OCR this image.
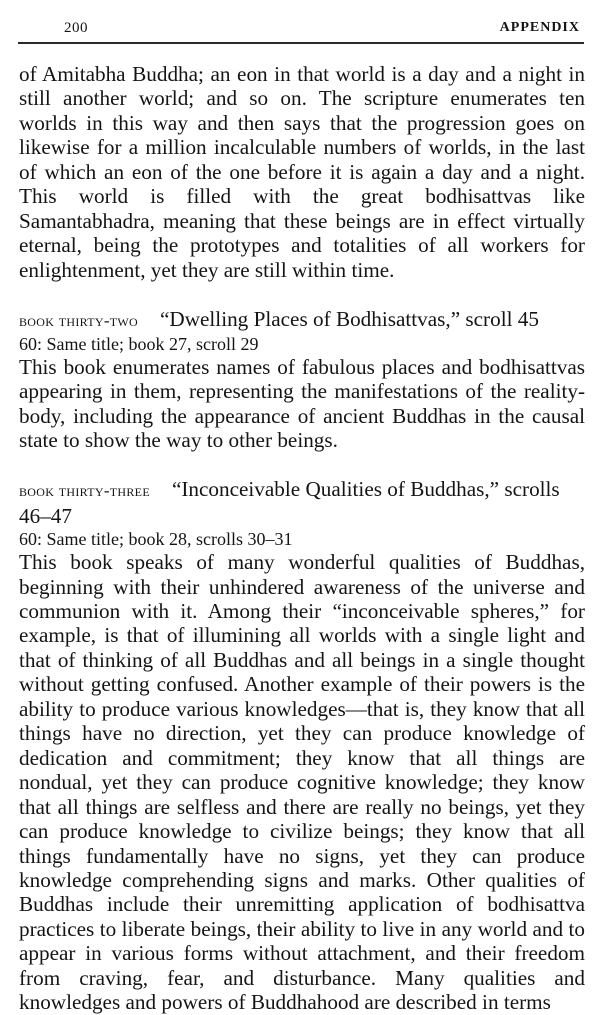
200	APPENDIX

of Amitabha Buddha; an eon in that world is a day and a night in still another world; and so on. The scripture enumerates ten worlds in this way and then says that the progression goes on likewise for a million incalculable numbers of worlds, in the last of which an eon of the one before it is again a day and a night. This world is filled with the great bodhisattvas like Samantabhadra, meaning that these beings are in effect virtually eternal, being the prototypes and totalities of all workers for enlightenment, yet they are still within time.

book thirty-two “Dwelling Places of Bodhisattvas,” scroll 45

60: Same title; book 27, scroll 29

This book enumerates names of fabulous places and bodhisattvas appearing in them, representing the manifestations of the reality-body, including the appearance of ancient Buddhas in the causal state to show the way to other beings.

book thirty-three “Inconceivable Qualities of Buddhas,” scrolls 46–47

60: Same title; book 28, scrolls 30–31

This book speaks of many wonderful qualities of Buddhas, beginning with their unhindered awareness of the universe and communion with it. Among their “inconceivable spheres,” for example, is that of illumining all worlds with a single light and that of thinking of all Buddhas and all beings in a single thought without getting confused. Another example of their powers is the ability to produce various knowledges—that is, they know that all things have no direction, yet they can produce knowledge of dedication and commitment; they know that all things are nondual, yet they can produce cognitive knowledge; they know that all things are selfless and there are really no beings, yet they can produce knowledge to civilize beings; they know that all things fundamentally have no signs, yet they can produce knowledge comprehending signs and marks. Other qualities of Buddhas include their unremitting application of bodhisattva practices to liberate beings, their ability to live in any world and to appear in various forms without attachment, and their freedom from craving, fear, and disturbance. Many qualities and knowledges and powers of Buddhahood are described in terms
